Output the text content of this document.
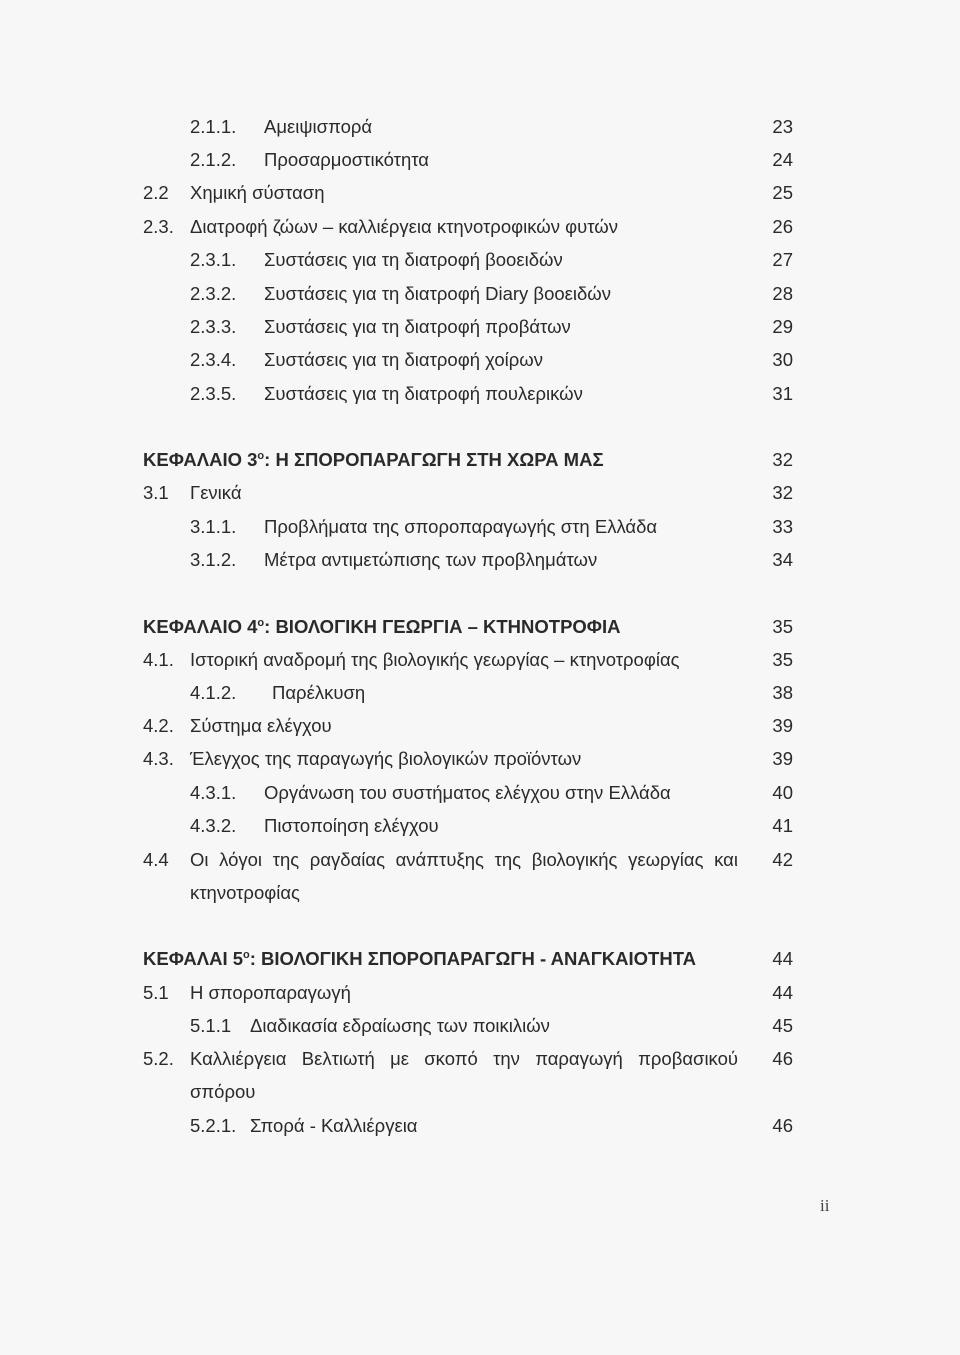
2.1.1. Αμειψισπορά	23
2.1.2. Προσαρμοστικότητα	24
2.2 Χημική σύσταση	25
2.3. Διατροφή ζώων – καλλιέργεια κτηνοτροφικών φυτών	26
2.3.1. Συστάσεις για τη διατροφή βοοειδών	27
2.3.2. Συστάσεις για τη διατροφή Diary βοοειδών	28
2.3.3. Συστάσεις για τη διατροφή προβάτων	29
2.3.4. Συστάσεις για τη διατροφή χοίρων	30
2.3.5. Συστάσεις για τη διατροφή πουλερικών	31
ΚΕΦΑΛΑΙΟ $3^o$: Η ΣΠΟΡΟΠΑΡΑΓΩΓΗ ΣΤΗ ΧΩΡΑ ΜΑΣ	32
3.1 Γενικά	32
3.1.1. Προβλήματα της σποροπαραγωγής στη Ελλάδα	33
3.1.2. Μέτρα αντιμετώπισης των προβλημάτων	34
ΚΕΦΑΛΑΙΟ $4^o$: ΒΙΟΛΟΓΙΚΗ ΓΕΩΡΓΙΑ – ΚΤΗΝΟΤΡΟΦΙΑ	35
4.1. Ιστορική αναδρομή της βιολογικής γεωργίας – κτηνοτροφίας	35
4.1.2. Παρέλκυση	38
4.2. Σύστημα ελέγχου	39
4.3. Έλεγχος της παραγωγής βιολογικών προϊόντων	39
4.3.1. Οργάνωση του συστήματος ελέγχου στην Ελλάδα	40
4.3.2. Πιστοποίηση ελέγχου	41
4.4 Οι λόγοι της ραγδαίας ανάπτυξης της βιολογικής γεωργίας και 42
κτηνοτροφίας
ΚΕΦΑΛΑΙ $5^o$: ΒΙΟΛΟΓΙΚΗ ΣΠΟΡΟΠΑΡΑΓΩΓΗ - ΑΝΑΓΚΑΙΟΤΗΤΑ	44
5.1 Η σποροπαραγωγή	44
5.1.1 Διαδικασία εδραίωσης των ποικιλιών	45
5.2. Καλλιέργεια Βελτιωτή με σκοπό την παραγωγή προβασικού 46
σπόρου
5.2.1. Σπορά - Καλλιέργεια	46
ii
